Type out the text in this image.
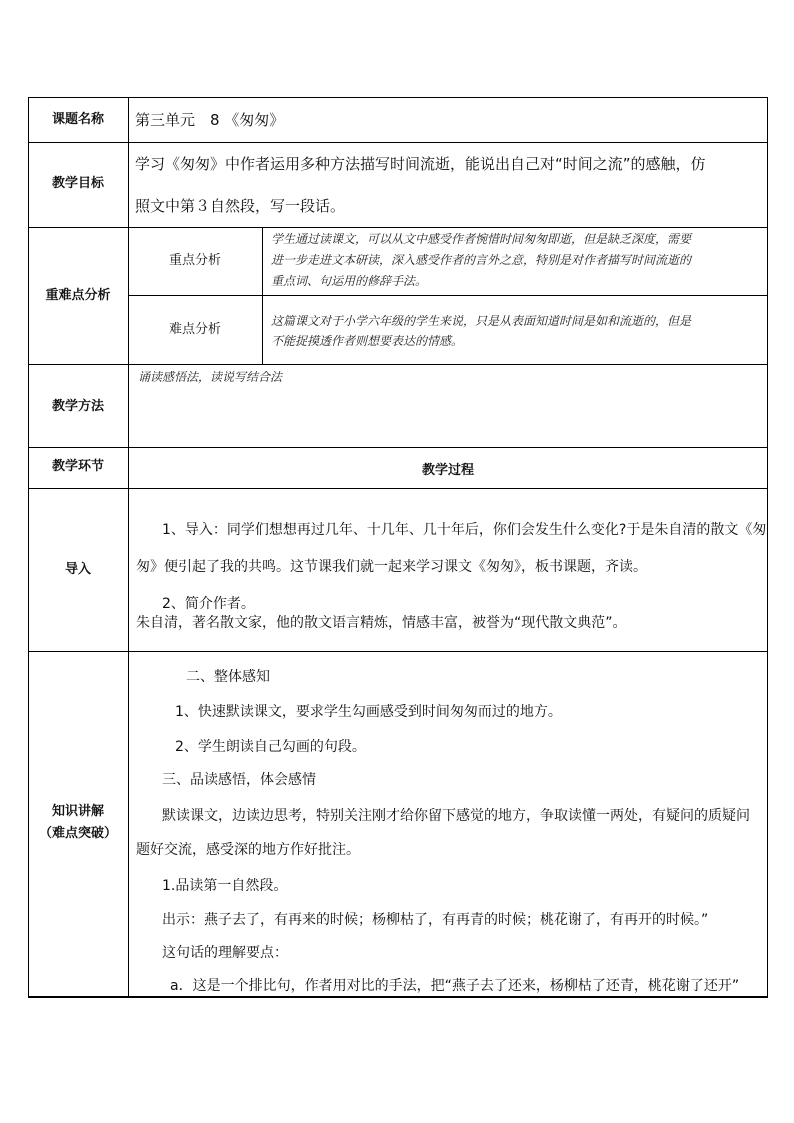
课题名称	第三单元　8 《匆匆》
教学目标
学习《匆匆》中作者运用多种方法描写时间流逝，能说出自己对“时间之流”的感触，仿
照文中第３自然段，写一段话。
重难点分析
重点分析
学生通过读课文，可以从文中感受作者惋惜时间匆匆即逝，但是缺乏深度，需要
进一步走进文本研读，深入感受作者的言外之意，特别是对作者描写时间流逝的
重点词、句运用的修辞手法。
难点分析
这篇课文对于小学六年级的学生来说，只是从表面知道时间是如和流逝的，但是
不能捉摸透作者则想要表达的情感。
教学方法
诵读感悟法，读说写结合法
教学环节	教学过程
导入
1、导入：同学们想想再过几年、十几年、几十年后，你们会发生什么变化?于是朱自清的散文《匆
匆》便引起了我的共鸣。这节课我们就一起来学习课文《匆匆》，板书课题，齐读。
2、简介作者。
朱自清，著名散文家，他的散文语言精炼，情感丰富，被誉为“现代散文典范”。
知识讲解
（难点突破）
二、整体感知
1、快速默读课文，要求学生勾画感受到时间匆匆而过的地方。
2、学生朗读自己勾画的句段。
三、品读感悟，体会感情
默读课文，边读边思考，特别关注刚才给你留下感觉的地方，争取读懂一两处，有疑问的质疑问
题好交流，感受深的地方作好批注。
1.品读第一自然段。
出示：燕子去了，有再来的时候；杨柳枯了，有再青的时候；桃花谢了，有再开的时候。”
这句话的理解要点：
a．这是一个排比句，作者用对比的手法，把“燕子去了还来，杨柳枯了还青，桃花谢了还开”
